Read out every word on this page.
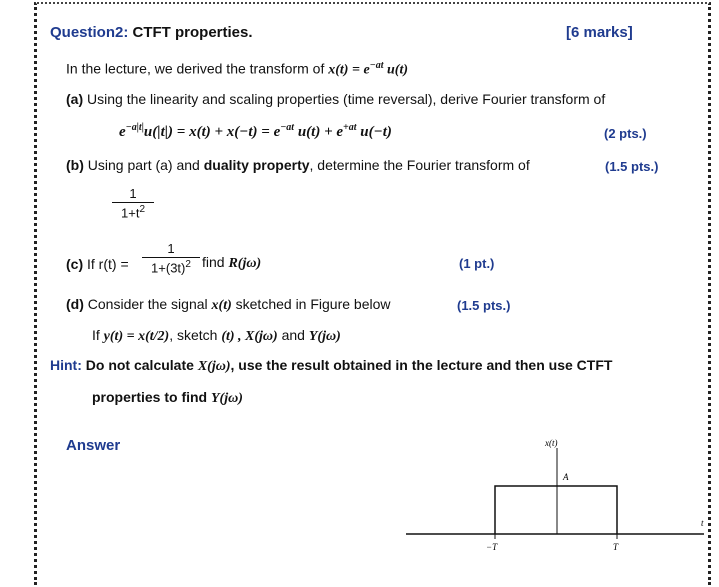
Question2: CTFT properties.	[6 marks]
In the lecture, we derived the transform of $x(t) = e^{-at}$ u(t)
(a) Using the linearity and scaling properties (time reversal), derive Fourier transform of
$e^{-a|t|}u(|t|) = x(t) + x(-t) = e^{-at}$ $u(t) + e^{+at}$ u(−t)	(2 pts.)
(b) Using part (a) and duality property, determine the Fourier transform of	(1.5 pts.)
$\frac{1}{1+t^2}$
(c) If $r(t) = \frac{1}{1+(3t)^2}$ find R(jω)	(1 pt.)
(d) Consider the signal x(t) sketched in Figure below	(1.5 pts.)
If y(t) = x(t/2), sketch (t) , X(jω) and Y(jω)
Hint: Do not calculate X(jω), use the result obtained in the lecture and then use CTFT
properties to find Y(jω)
Answer	x(t)
A
−T	T
t
